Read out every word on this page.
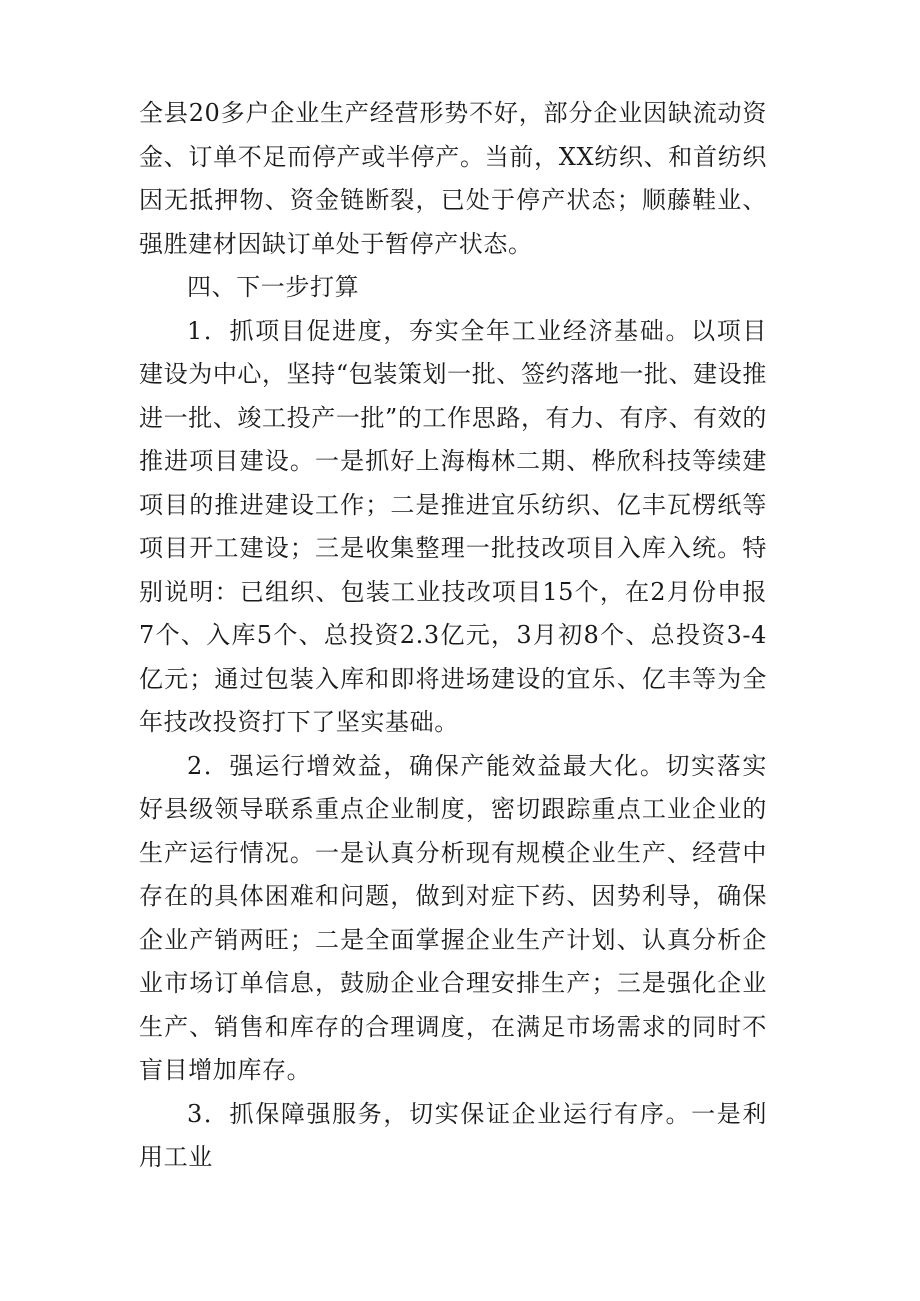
全县20多户企业生产经营形势不好，部分企业因缺流动资金、订单不足而停产或半停产。当前，XX纺织、和首纺织因无抵押物、资金链断裂，已处于停产状态；顺藤鞋业、强胜建材因缺订单处于暂停产状态。

四、下一步打算

1．抓项目促进度，夯实全年工业经济基础。以项目建设为中心，坚持“包装策划一批、签约落地一批、建设推进一批、竣工投产一批”的工作思路，有力、有序、有效的推进项目建设。一是抓好上海梅林二期、桦欣科技等续建项目的推进建设工作；二是推进宜乐纺织、亿丰瓦楞纸等项目开工建设；三是收集整理一批技改项目入库入统。特别说明：已组织、包装工业技改项目15个，在2月份申报7个、入库5个、总投资2.3亿元，3月初8个、总投资3-4亿元；通过包装入库和即将进场建设的宜乐、亿丰等为全年技改投资打下了坚实基础。

2．强运行增效益，确保产能效益最大化。切实落实好县级领导联系重点企业制度，密切跟踪重点工业企业的生产运行情况。一是认真分析现有规模企业生产、经营中存在的具体困难和问题，做到对症下药、因势利导，确保企业产销两旺；二是全面掌握企业生产计划、认真分析企业市场订单信息，鼓励企业合理安排生产；三是强化企业生产、销售和库存的合理调度，在满足市场需求的同时不盲目增加库存。

3．抓保障强服务，切实保证企业运行有序。一是利用工业
